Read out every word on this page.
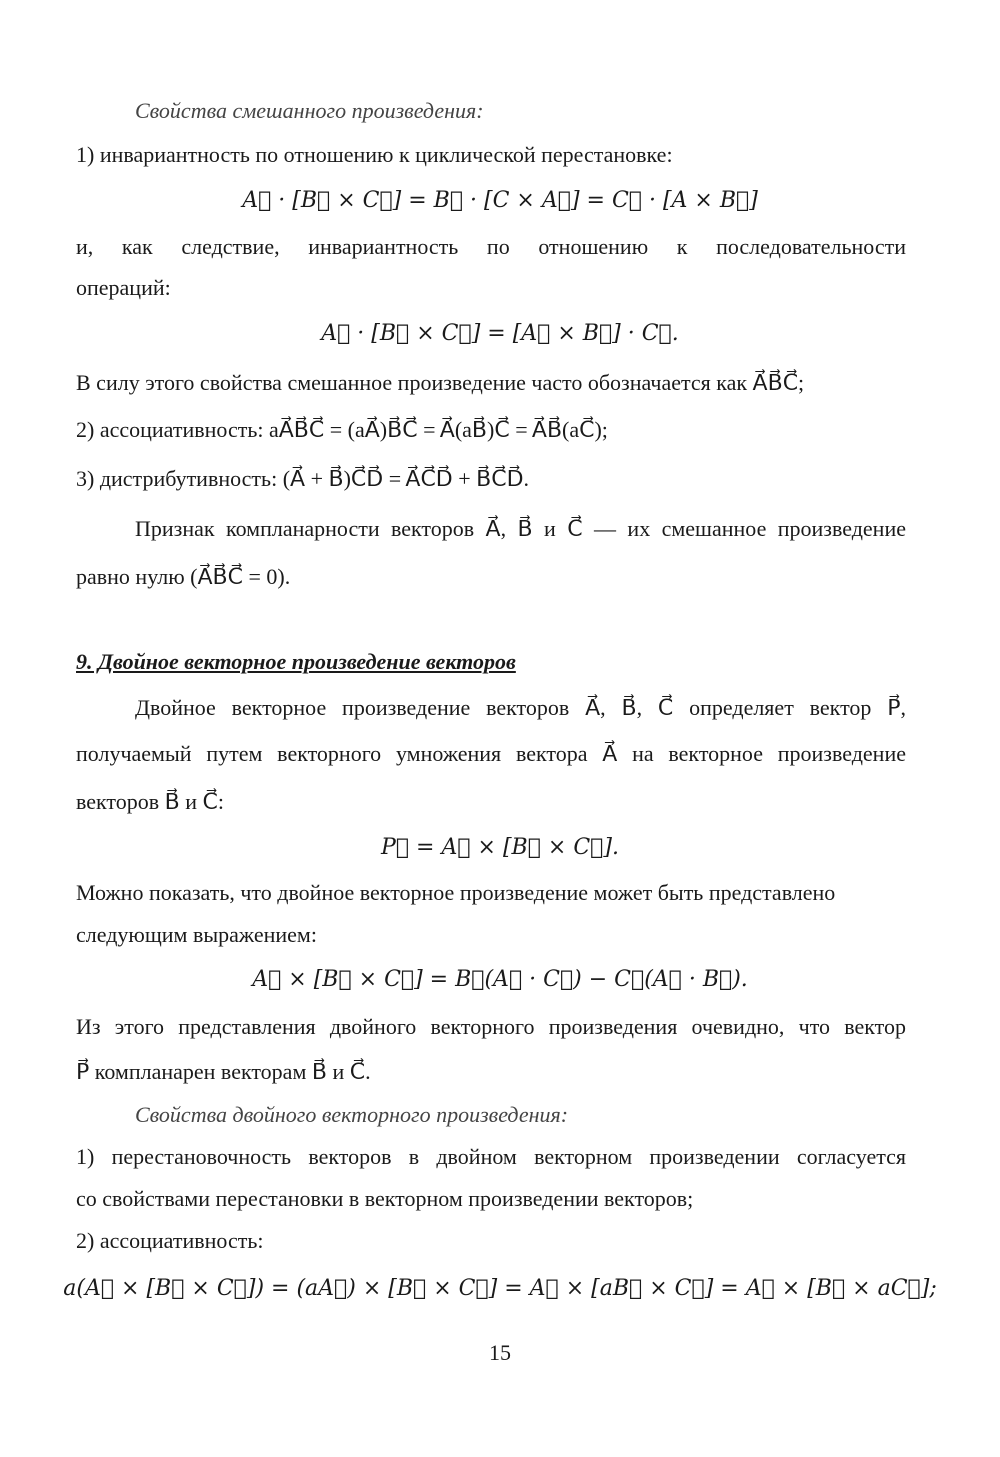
Свойства смешанного произведения:
1) инвариантность по отношению к циклической перестановке:
A⃗ · [B⃗ × C⃗] = B⃗ · [C × A⃗] = C⃗ · [A × B⃗]
и, как следствие, инвариантность по отношению к последовательности
операций:
A⃗ · [B⃗ × C⃗] = [A⃗ × B⃗] · C⃗.
В силу этого свойства смешанное произведение часто обозначается как A⃗B⃗C⃗;
2) ассоциативность: aA⃗B⃗C⃗ = (aA⃗)B⃗C⃗ = A⃗(aB⃗)C⃗ = A⃗B⃗(aC⃗);
3) дистрибутивность: (A⃗ + B⃗)C⃗D⃗ = A⃗C⃗D⃗ + B⃗C⃗D⃗.
Признак компланарности векторов A⃗, B⃗ и C⃗ — их смешанное произведение
равно нулю (A⃗B⃗C⃗ = 0).
9. Двойное векторное произведение векторов
Двойное векторное произведение векторов A⃗, B⃗, C⃗ определяет вектор P⃗,
получаемый путем векторного умножения вектора A⃗ на векторное произведение
векторов B⃗ и C⃗:
P⃗ = A⃗ × [B⃗ × C⃗].
Можно показать, что двойное векторное произведение может быть представлено
следующим выражением:
A⃗ × [B⃗ × C⃗] = B⃗(A⃗ · C⃗) − C⃗(A⃗ · B⃗).
Из этого представления двойного векторного произведения очевидно, что вектор
P⃗ компланарен векторам B⃗ и C⃗.
Свойства двойного векторного произведения:
1) перестановочность векторов в двойном векторном произведении согласуется
со свойствами перестановки в векторном произведении векторов;
2) ассоциативность:
a(A⃗ × [B⃗ × C⃗]) = (aA⃗) × [B⃗ × C⃗] = A⃗ × [aB⃗ × C⃗] = A⃗ × [B⃗ × aC⃗];
15
